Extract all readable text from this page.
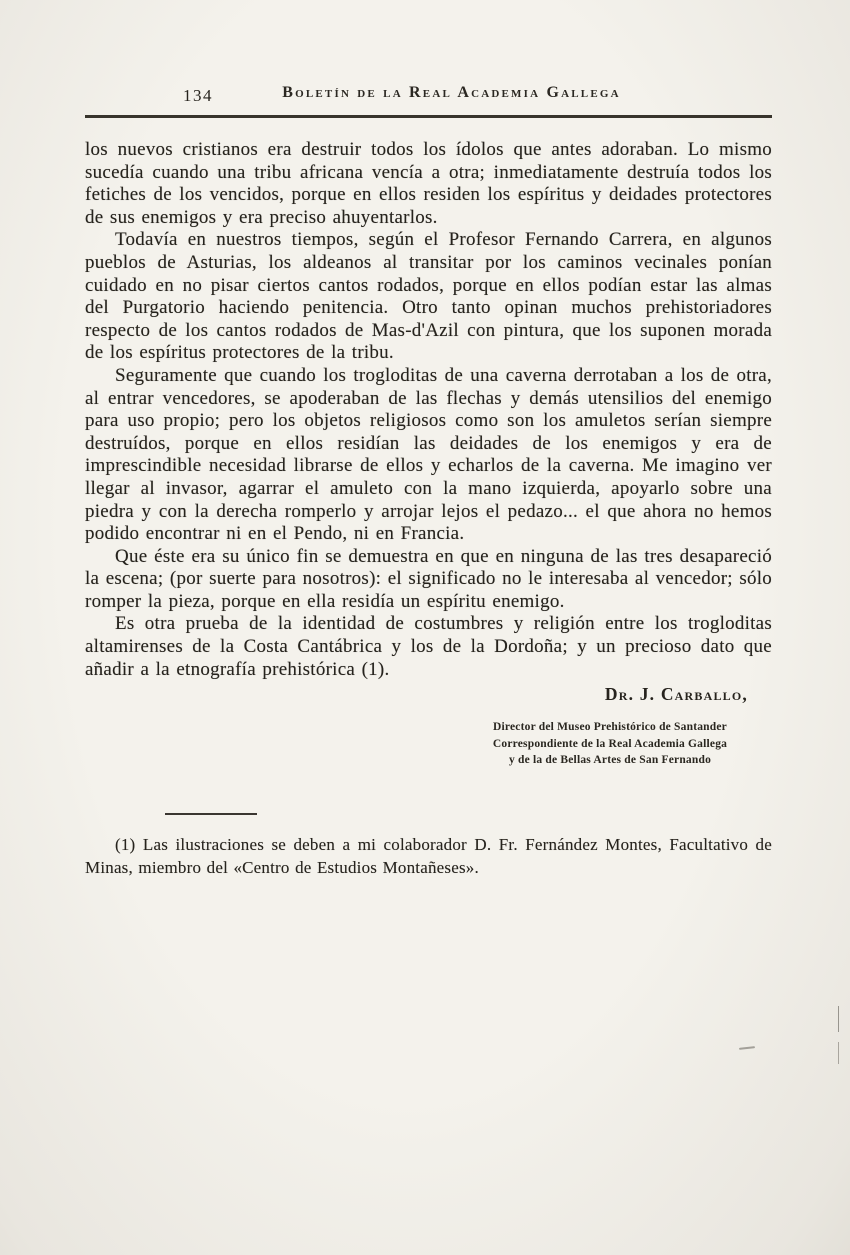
134	Boletín de la Real Academia Gallega

los nuevos cristianos era destruir todos los ídolos que antes adoraban. Lo mismo sucedía cuando una tribu africana vencía a otra; inmediatamente destruía todos los fetiches de los vencidos, porque en ellos residen los espíritus y deidades protectores de sus enemigos y era preciso ahuyentarlos.

Todavía en nuestros tiempos, según el Profesor Fernando Carrera, en algunos pueblos de Asturias, los aldeanos al transitar por los caminos vecinales ponían cuidado en no pisar ciertos cantos rodados, porque en ellos podían estar las almas del Purgatorio haciendo penitencia. Otro tanto opinan muchos prehistoriadores respecto de los cantos rodados de Mas-d'Azil con pintura, que los suponen morada de los espíritus protectores de la tribu.

Seguramente que cuando los trogloditas de una caverna derrotaban a los de otra, al entrar vencedores, se apoderaban de las flechas y demás utensilios del enemigo para uso propio; pero los objetos religiosos como son los amuletos serían siempre destruídos, porque en ellos residían las deidades de los enemigos y era de imprescindible necesidad librarse de ellos y echarlos de la caverna. Me imagino ver llegar al invasor, agarrar el amuleto con la mano izquierda, apoyarlo sobre una piedra y con la derecha romperlo y arrojar lejos el pedazo... el que ahora no hemos podido encontrar ni en el Pendo, ni en Francia.

Que éste era su único fin se demuestra en que en ninguna de las tres desapareció la escena; (por suerte para nosotros): el significado no le interesaba al vencedor; sólo romper la pieza, porque en ella residía un espíritu enemigo.

Es otra prueba de la identidad de costumbres y religión entre los trogloditas altamirenses de la Costa Cantábrica y los de la Dordoña; y un precioso dato que añadir a la etnografía prehistórica (1).

Dr. J. Carballo,
Director del Museo Prehistórico de Santander
Correspondiente de la Real Academia Gallega
y de la de Bellas Artes de San Fernando

(1) Las ilustraciones se deben a mi colaborador D. Fr. Fernández Montes, Facultativo de Minas, miembro del «Centro de Estudios Montañeses».
